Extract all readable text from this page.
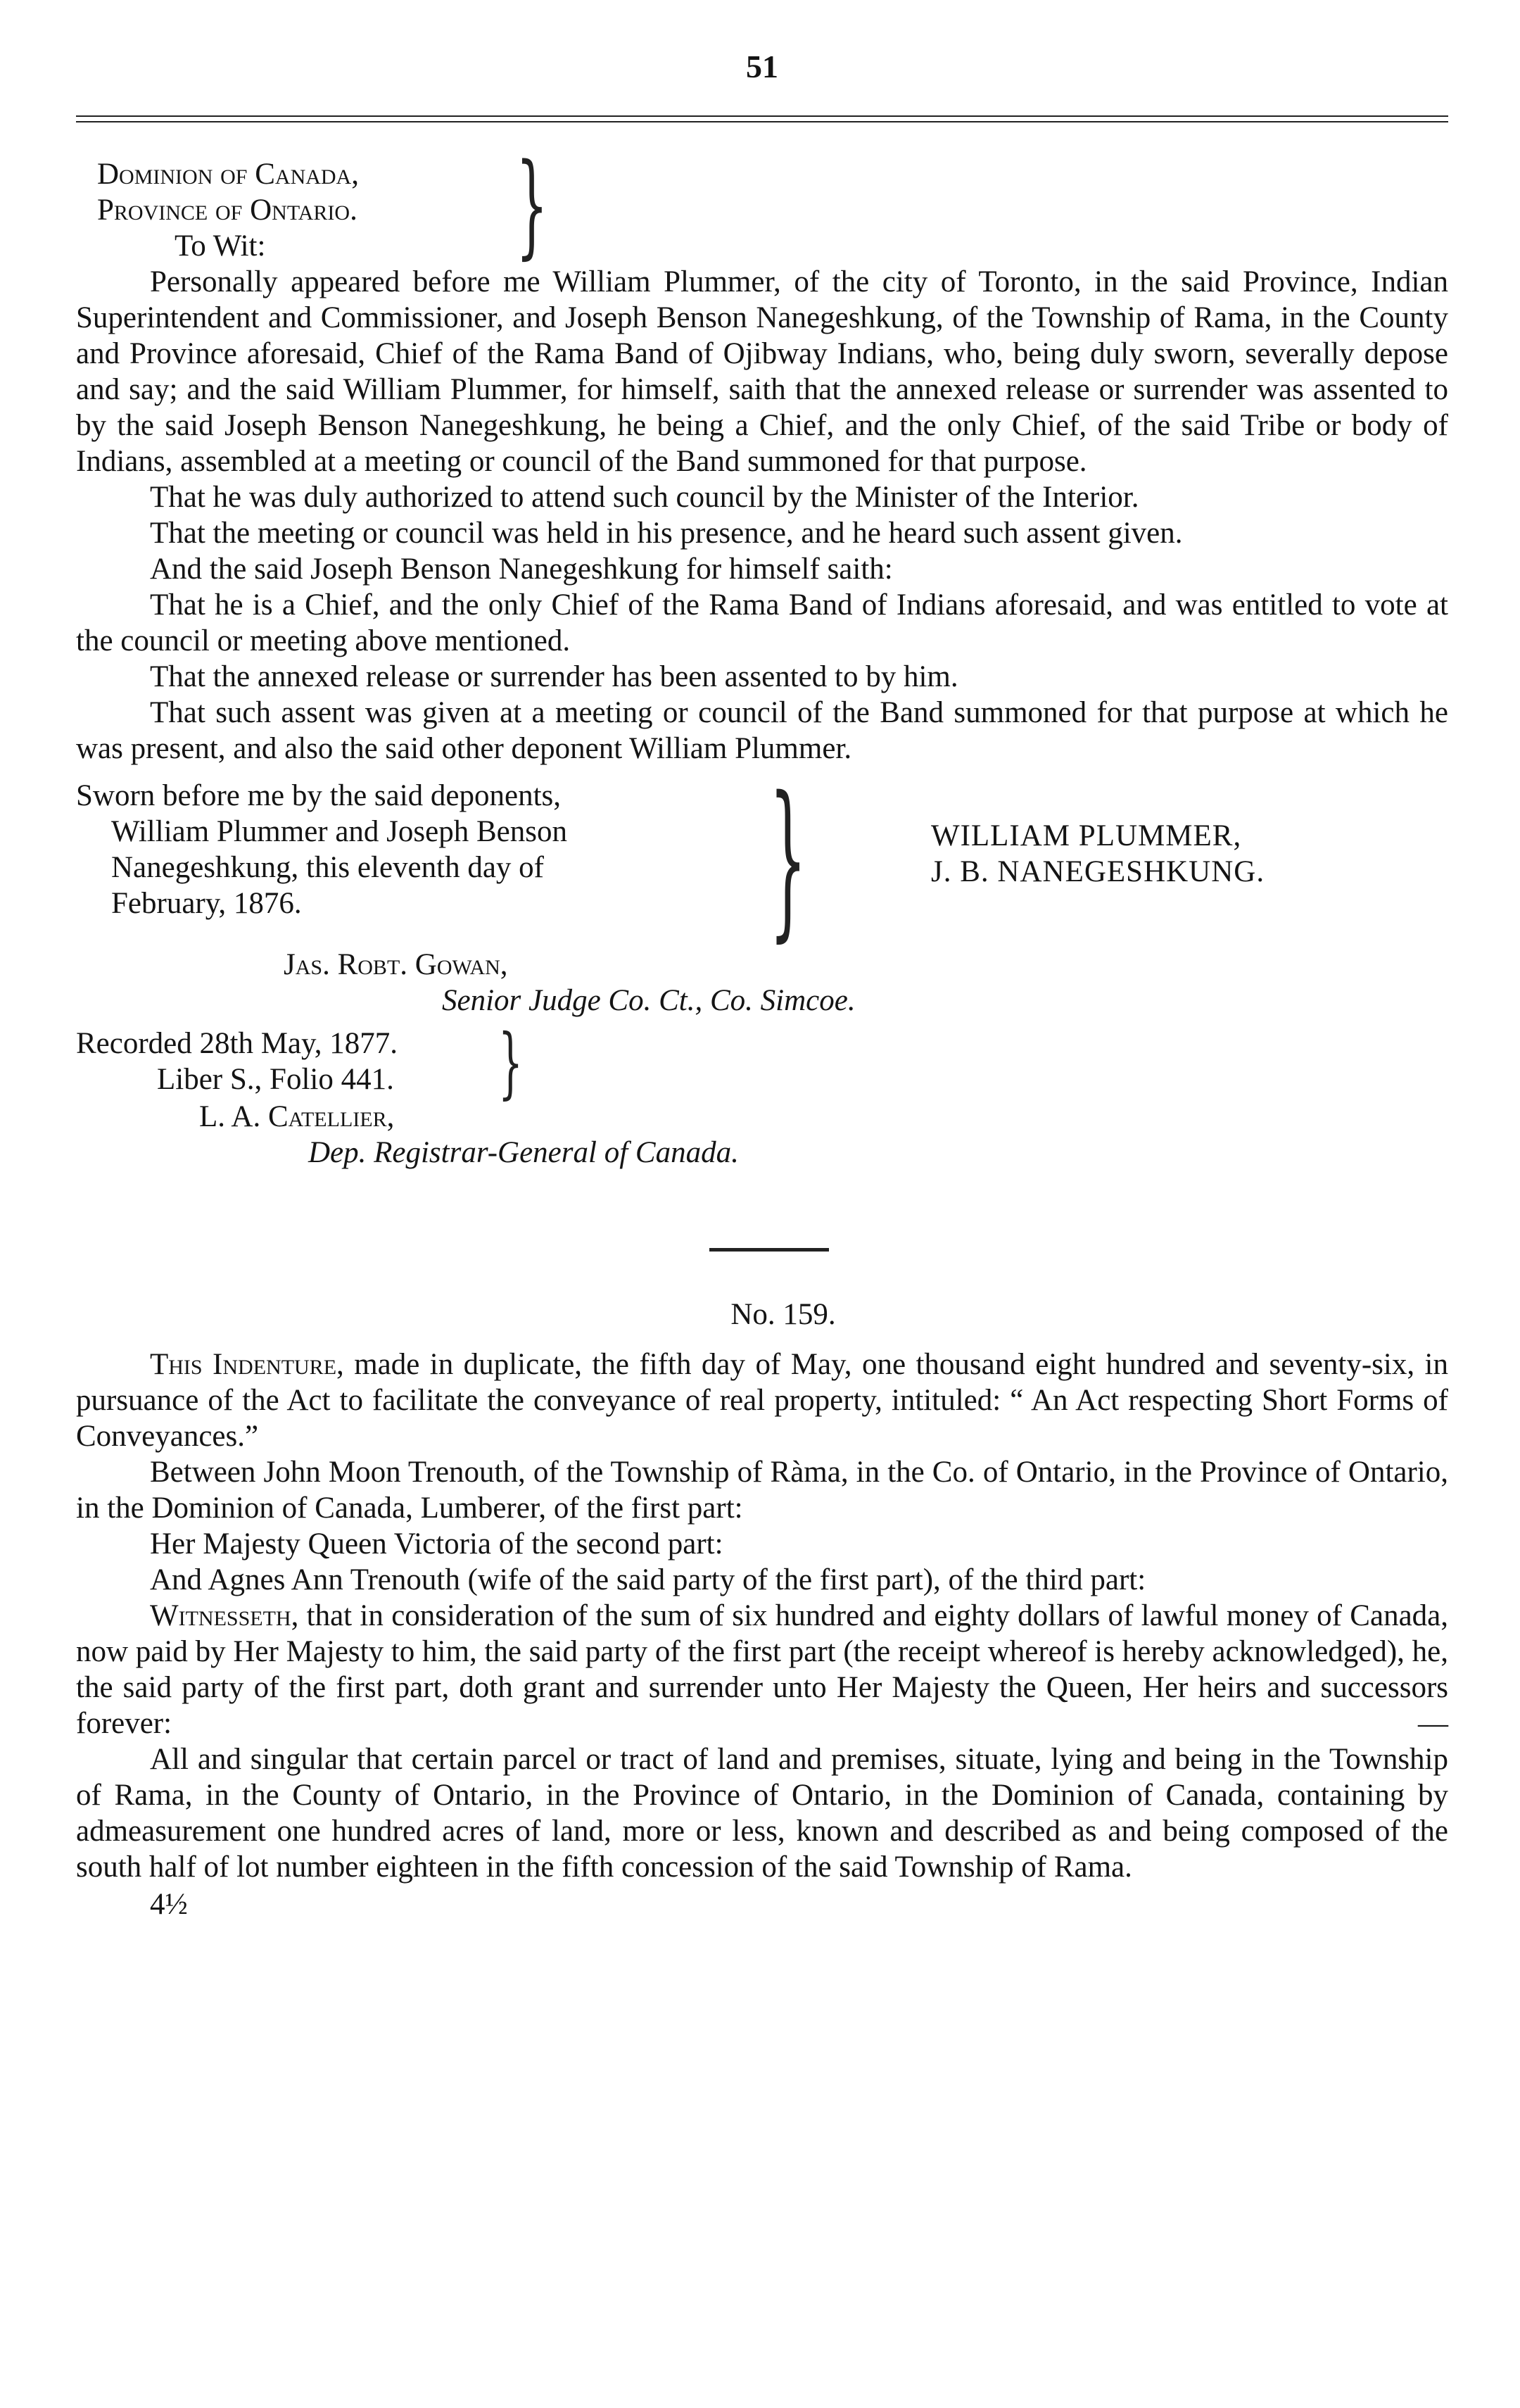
51
Dominion of Canada,
Province of Ontario.
To Wit:	}

Personally appeared before me William Plummer, of the city of Toronto, in the said Province, Indian Superintendent and Commissioner, and Joseph Benson Nanegeshkung, of the Township of Rama, in the County and Province aforesaid, Chief of the Rama Band of Ojibway Indians, who, being duly sworn, severally depose and say; and the said William Plummer, for himself, saith that the annexed release or surrender was assented to by the said Joseph Benson Nanegeshkung, he being a Chief, and the only Chief, of the said Tribe or body of Indians, assembled at a meeting or council of the Band summoned for that purpose.

That he was duly authorized to attend such council by the Minister of the Interior.

That the meeting or council was held in his presence, and he heard such assent given.

And the said Joseph Benson Nanegeshkung for himself saith:

That he is a Chief, and the only Chief of the Rama Band of Indians aforesaid, and was entitled to vote at the council or meeting above mentioned.

That the annexed release or surrender has been assented to by him.

That such assent was given at a meeting or council of the Band summoned for that purpose at which he was present, and also the said other deponent William Plummer.

Sworn before me by the said deponents,
William Plummer and Joseph Benson
Nanegeshkung, this eleventh day of
February, 1876.	}	WILLIAM PLUMMER,
J. B. NANEGESHKUNG.
Jas. Robt. Gowan,
Senior Judge Co. Ct., Co. Simcoe.
Recorded 28th May, 1877.
Liber S., Folio 441.	}
L. A. Catellier,
Dep. Registrar-General of Canada.
No. 159.

This Indenture, made in duplicate, the fifth day of May, one thousand eight hundred and seventy-six, in pursuance of the Act to facilitate the conveyance of real property, intituled: “ An Act respecting Short Forms of Conveyances.”

Between John Moon Trenouth, of the Township of Ràma, in the Co. of Ontario, in the Province of Ontario, in the Dominion of Canada, Lumberer, of the first part:

Her Majesty Queen Victoria of the second part:

And Agnes Ann Trenouth (wife of the said party of the first part), of the third part:

Witnesseth, that in consideration of the sum of six hundred and eighty dollars of lawful money of Canada, now paid by Her Majesty to him, the said party of the first part (the receipt whereof is hereby acknowledged), he, the said party of the first part, doth grant and surrender unto Her Majesty the Queen, Her heirs and successors forever:	—

All and singular that certain parcel or tract of land and premises, situate, lying and being in the Township of Rama, in the County of Ontario, in the Province of Ontario, in the Dominion of Canada, containing by admeasurement one hundred acres of land, more or less, known and described as and being composed of the south half of lot number eighteen in the fifth concession of the said Township of Rama.

4½
